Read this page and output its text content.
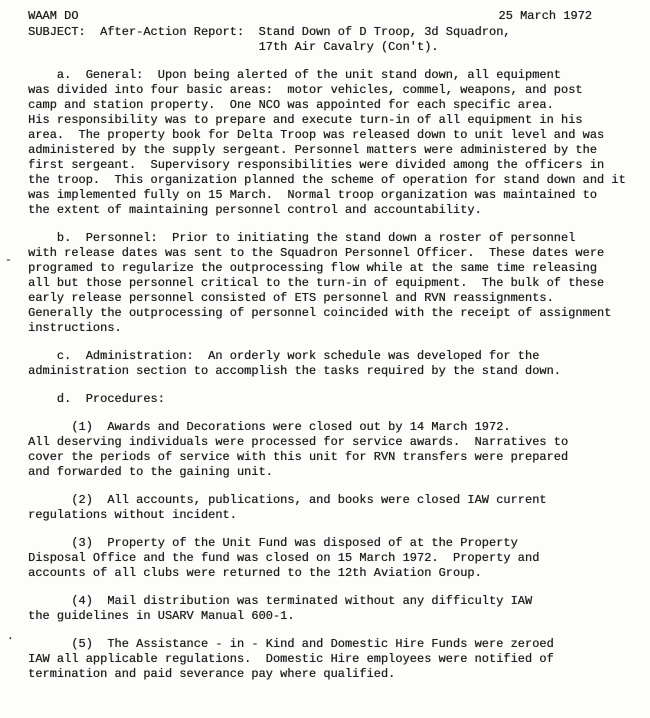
WAAM DO	25 March 1972
SUBJECT:  After-Action Report:  Stand Down of D Troop, 3d Squadron,
17th Air Cavalry (Con't).
a.  General:  Upon being alerted of the unit stand down, all equipment
was divided into four basic areas:  motor vehicles, commel, weapons, and post
camp and station property.  One NCO was appointed for each specific area.
His responsibility was to prepare and execute turn-in of all equipment in his
area.  The property book for Delta Troop was released down to unit level and was
administered by the supply sergeant. Personnel matters were administered by the
first sergeant.  Supervisory responsibilities were divided among the officers in
the troop.  This organization planned the scheme of operation for stand down and it
was implemented fully on 15 March.  Normal troop organization was maintained to
the extent of maintaining personnel control and accountability.
b.  Personnel:  Prior to initiating the stand down a roster of personnel
with release dates was sent to the Squadron Personnel Officer.  These dates were
programed to regularize the outprocessing flow while at the same time releasing
all but those personnel critical to the turn-in of equipment.  The bulk of these
early release personnel consisted of ETS personnel and RVN reassignments.
Generally the outprocessing of personnel coincided with the receipt of assignment
instructions.
c.  Administration:  An orderly work schedule was developed for the
administration section to accomplish the tasks required by the stand down.
d.  Procedures:
(1)  Awards and Decorations were closed out by 14 March 1972.
All deserving individuals were processed for service awards.  Narratives to
cover the periods of service with this unit for RVN transfers were prepared
and forwarded to the gaining unit.
(2)  All accounts, publications, and books were closed IAW current
regulations without incident.
(3)  Property of the Unit Fund was disposed of at the Property
Disposal Office and the fund was closed on 15 March 1972.  Property and
accounts of all clubs were returned to the 12th Aviation Group.
(4)  Mail distribution was terminated without any difficulty IAW
the guidelines in USARV Manual 600-1.
(5)  The Assistance - in - Kind and Domestic Hire Funds were zeroed
IAW all applicable regulations.  Domestic Hire employees were notified of
termination and paid severance pay where qualified.
-
.
